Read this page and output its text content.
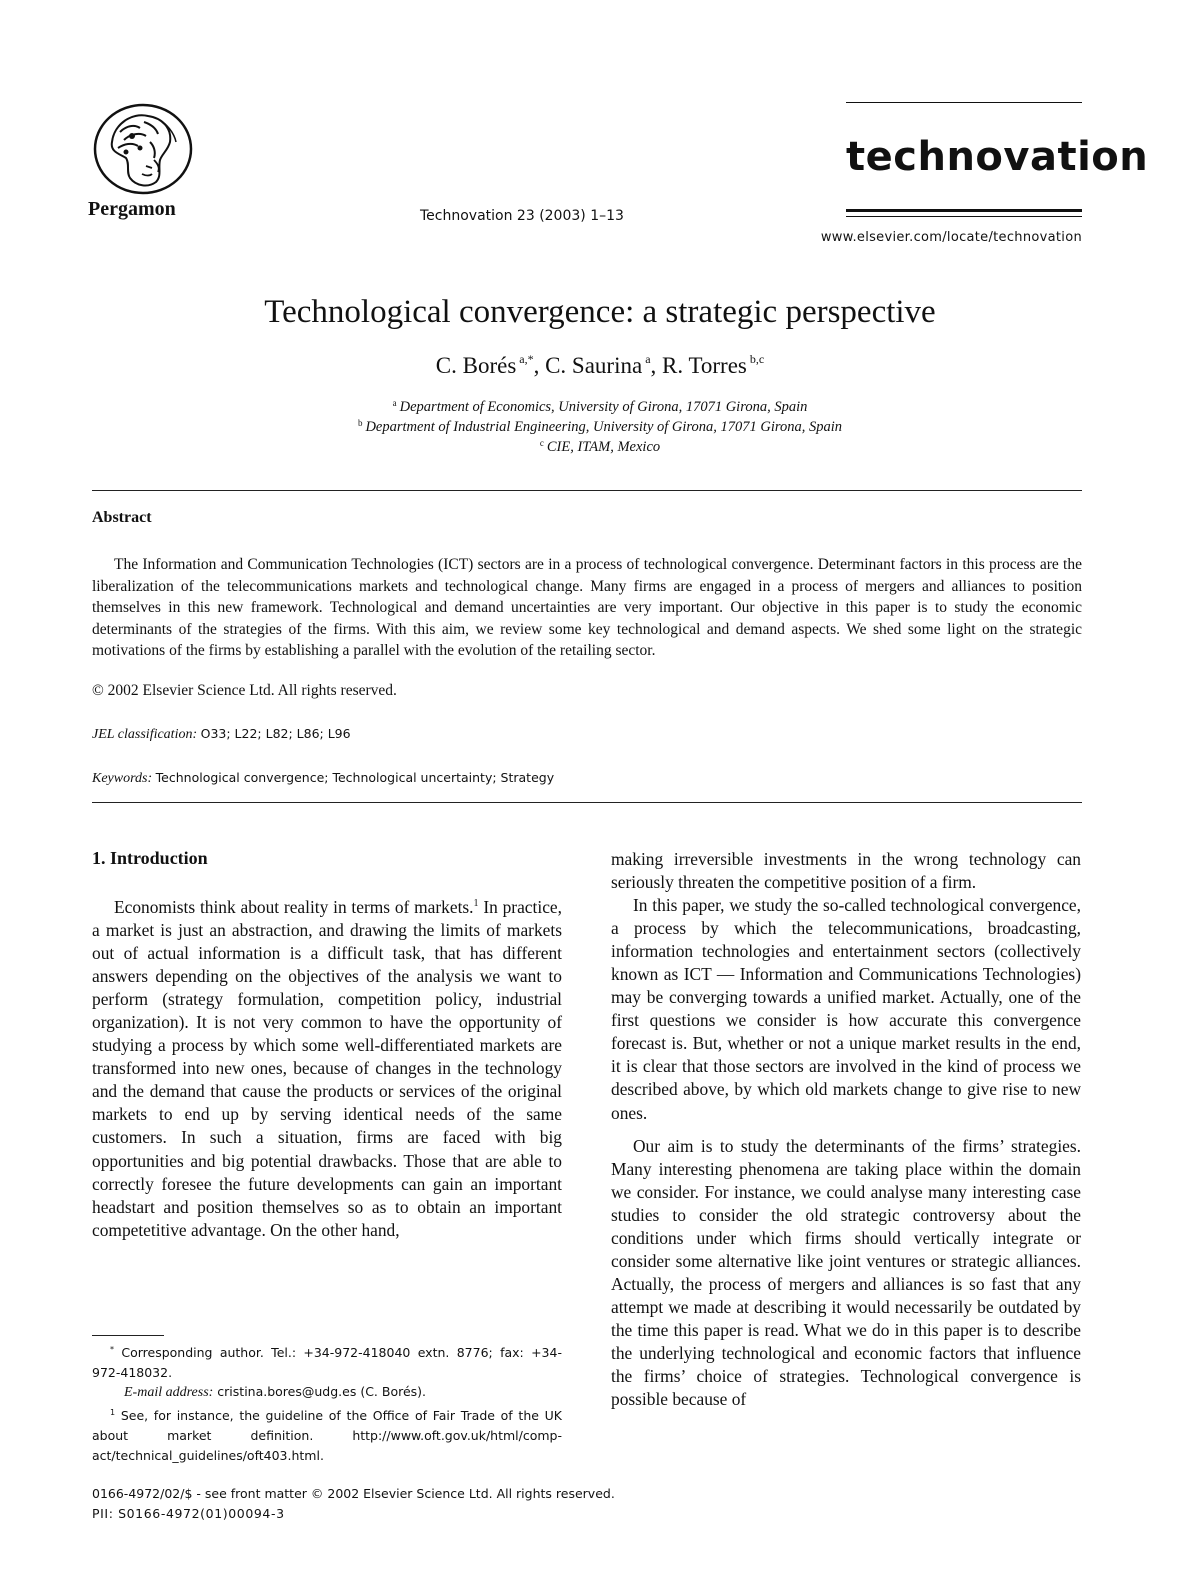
Pergamon	Technovation 23 (2003) 1–13
technovation
www.elsevier.com/locate/technovation
Technological convergence: a strategic perspective
C. Borés $^{a,*}$, C. Saurina $^a$, R. Torres $^{b,c}$
$^a$ Department of Economics, University of Girona, 17071 Girona, Spain
$^b$ Department of Industrial Engineering, University of Girona, 17071 Girona, Spain
$^c$ CIE, ITAM, Mexico
Abstract
The Information and Communication Technologies (ICT) sectors are in a process of technological convergence. Determinant factors in this process are the liberalization of the telecommunications markets and technological change. Many firms are engaged in a process of mergers and alliances to position themselves in this new framework. Technological and demand uncertainties are very important. Our objective in this paper is to study the economic determinants of the strategies of the firms. With this aim, we review some key technological and demand aspects. We shed some light on the strategic motivations of the firms by establishing a parallel with the evolution of the retailing sector.
© 2002 Elsevier Science Ltd. All rights reserved.
JEL classification: O33; L22; L82; L86; L96
Keywords: Technological convergence; Technological uncertainty; Strategy
1. Introduction
Economists think about reality in terms of markets.$^1$ In practice, a market is just an abstraction, and drawing the limits of markets out of actual information is a difficult task, that has different answers depending on the objectives of the analysis we want to perform (strategy formulation, competition policy, industrial organization). It is not very common to have the opportunity of studying a process by which some well-differentiated markets are transformed into new ones, because of changes in the technology and the demand that cause the products or services of the original markets to end up by serving identical needs of the same customers. In such a situation, firms are faced with big opportunities and big potential drawbacks. Those that are able to correctly foresee the future developments can gain an important headstart and position themselves so as to obtain an important competetitive advantage. On the other hand,

making irreversible investments in the wrong technology can seriously threaten the competitive position of a firm.

In this paper, we study the so-called technological convergence, a process by which the telecommunications, broadcasting, information technologies and entertainment sectors (collectively known as ICT — Information and Communications Technologies) may be converging towards a unified market. Actually, one of the first questions we consider is how accurate this convergence forecast is. But, whether or not a unique market results in the end, it is clear that those sectors are involved in the kind of process we described above, by which old markets change to give rise to new ones.

Our aim is to study the determinants of the firms’ strategies. Many interesting phenomena are taking place within the domain we consider. For instance, we could analyse many interesting case studies to consider the old strategic controversy about the conditions under which firms should vertically integrate or consider some alternative like joint ventures or strategic alliances. Actually, the process of mergers and alliances is so fast that any attempt we made at describing it would necessarily be outdated by the time this paper is read. What we do in this paper is to describe the underlying technological and economic factors that influence the firms’ choice of strategies. Technological convergence is possible because of

* Corresponding author. Tel.: +34-972-418040 extn. 8776; fax: +34-972-418032.
E-mail address: cristina.bores@udg.es (C. Borés).
$^1$ See, for instance, the guideline of the Office of Fair Trade of the UK about market definition. http://www.oft.gov.uk/html/comp-act/technical_guidelines/oft403.html.
0166-4972/02/$ - see front matter © 2002 Elsevier Science Ltd. All rights reserved.
PII: S0166-4972(01)00094-3
